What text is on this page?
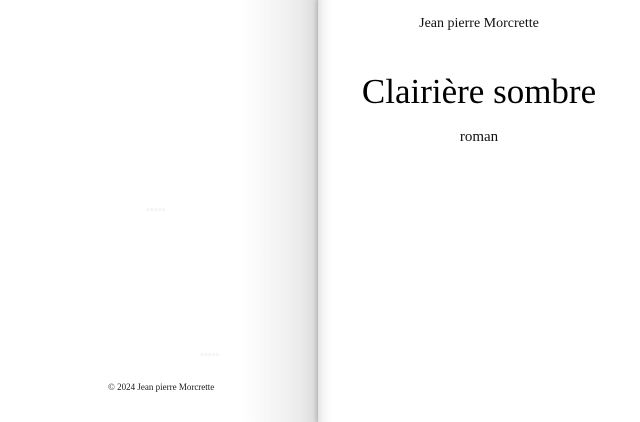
▪▪▪▪▪
▪▪▪▪▪
© 2024 Jean pierre Morcrette
Jean pierre Morcrette
Clairière sombre
roman
